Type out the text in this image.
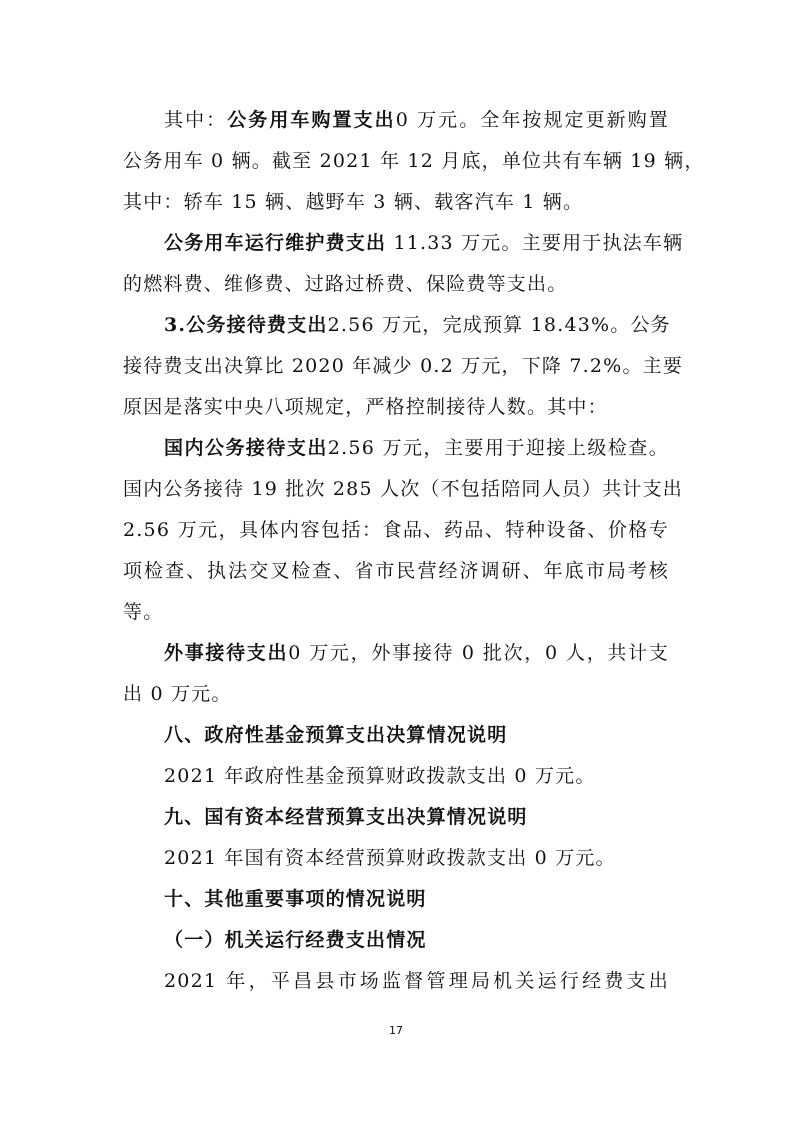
其中：公务用车购置支出0 万元。全年按规定更新购置
公务用车 0 辆。截至 2021 年 12 月底，单位共有车辆 19 辆，
其中：轿车 15 辆、越野车 3 辆、载客汽车 1 辆。
公务用车运行维护费支出 11.33 万元。主要用于执法车辆
的燃料费、维修费、过路过桥费、保险费等支出。
3.公务接待费支出2.56 万元，完成预算 18.43%。公务
接待费支出决算比 2020 年减少 0.2 万元，下降 7.2%。主要
原因是落实中央八项规定，严格控制接待人数。其中：
国内公务接待支出2.56 万元，主要用于迎接上级检查。
国内公务接待 19 批次 285 人次（不包括陪同人员）共计支出
2.56 万元，具体内容包括：食品、药品、特种设备、价格专
项检查、执法交叉检查、省市民营经济调研、年底市局考核
等。
外事接待支出0 万元，外事接待 0 批次，0 人，共计支
出 0 万元。
八、政府性基金预算支出决算情况说明
2021 年政府性基金预算财政拨款支出 0 万元。
九、国有资本经营预算支出决算情况说明
2021 年国有资本经营预算财政拨款支出 0 万元。
十、其他重要事项的情况说明
（一）机关运行经费支出情况
2021 年，平昌县市场监督管理局机关运行经费支出
17
